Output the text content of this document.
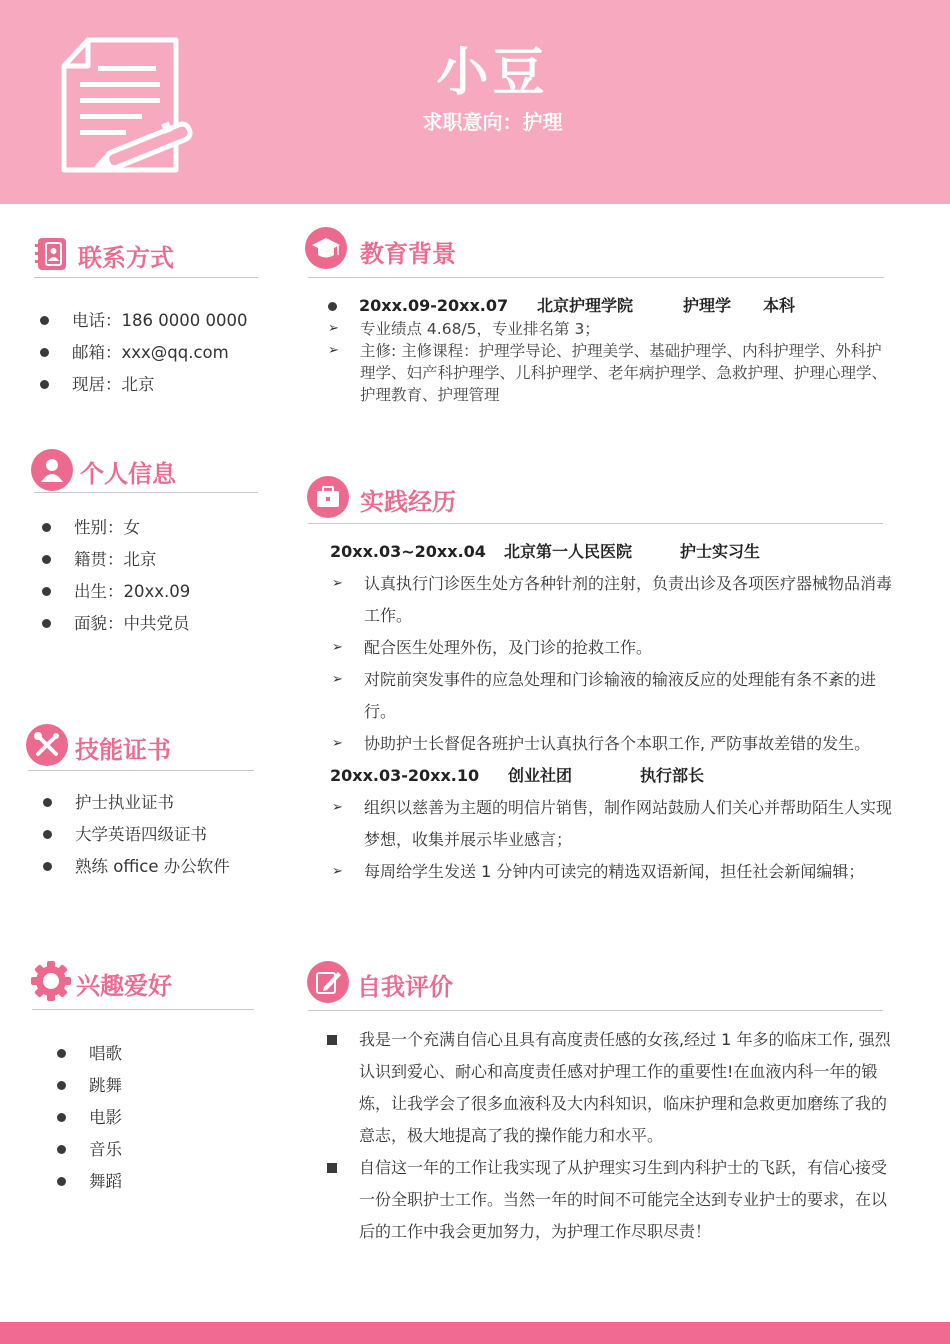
小豆
求职意向：护理
联系方式
电话：186 0000 0000
邮箱：xxx@qq.com
现居：北京
个人信息
性别：女
籍贯：北京
出生：20xx.09
面貌：中共党员
技能证书
护士执业证书
大学英语四级证书
熟练 office 办公软件
兴趣爱好
唱歌
跳舞
电影
音乐
舞蹈
教育背景
20xx.09-20xx.07 北京护理学院	护理学 本科
➢ 专业绩点 4.68/5，专业排名第 3；
➢ 主修: 主修课程：护理学导论、护理美学、基础护理学、内科护理学、外科护理学、妇产科护理学、儿科护理学、老年病护理学、急救护理、护理心理学、护理教育、护理管理
实践经历
20xx.03~20xx.04 北京第一人民医院	护士实习生
➢ 认真执行门诊医生处方各种针剂的注射，负责出诊及各项医疗器械物品消毒工作。
➢ 配合医生处理外伤，及门诊的抢救工作。
➢ 对院前突发事件的应急处理和门诊输液的输液反应的处理能有条不紊的进行。
➢ 协助护士长督促各班护士认真执行各个本职工作, 严防事故差错的发生。
20xx.03-20xx.10 创业社团	执行部长
➢ 组织以慈善为主题的明信片销售，制作网站鼓励人们关心并帮助陌生人实现梦想，收集并展示毕业感言；
➢ 每周给学生发送 1 分钟内可读完的精选双语新闻，担任社会新闻编辑；
自我评价
我是一个充满自信心且具有高度责任感的女孩,经过 1 年多的临床工作, 强烈认识到爱心、耐心和高度责任感对护理工作的重要性!在血液内科一年的锻炼，让我学会了很多血液科及大内科知识，临床护理和急救更加磨练了我的意志，极大地提高了我的操作能力和水平。
自信这一年的工作让我实现了从护理实习生到内科护士的飞跃，有信心接受一份全职护士工作。当然一年的时间不可能完全达到专业护士的要求，在以后的工作中我会更加努力，为护理工作尽职尽责！
